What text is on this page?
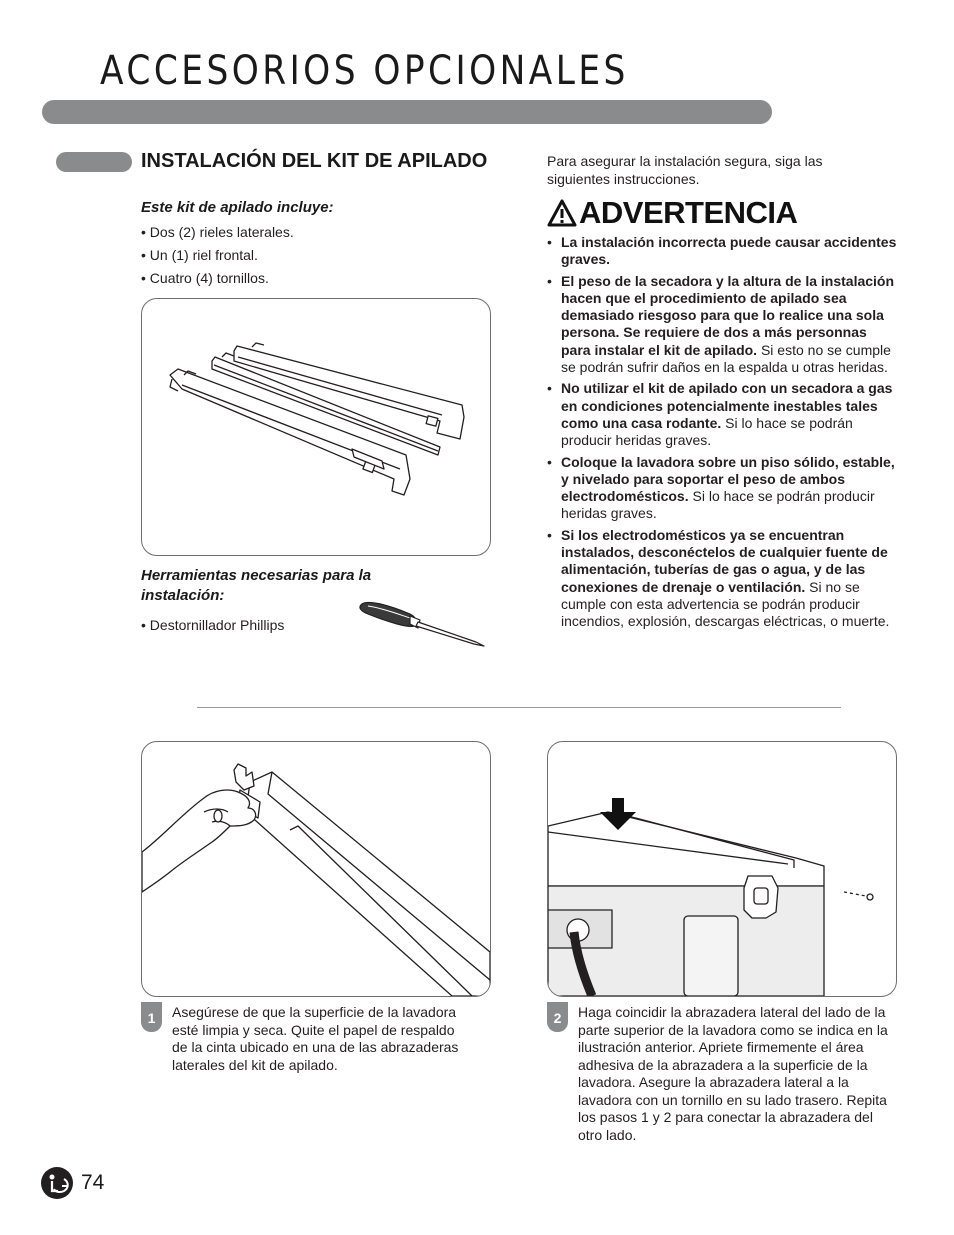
ACCESORIOS OPCIONALES
INSTALACIÓN DEL KIT DE APILADO
Este kit de apilado incluye:
• Dos (2) rieles laterales.
• Un (1) riel frontal.
• Cuatro (4) tornillos.
Herramientas necesarias para la instalación:
• Destornillador Phillips
Para asegurar la instalación segura, siga las siguientes instrucciones.
ADVERTENCIA
• La instalación incorrecta puede causar accidentes graves.
• El peso de la secadora y la altura de la instalación hacen que el procedimiento de apilado sea demasiado riesgoso para que lo realice una sola persona. Se requiere de dos a más personnas para instalar el kit de apilado. Si esto no se cumple se podrán sufrir daños en la espalda u otras heridas.
• No utilizar el kit de apilado con un secadora a gas en condiciones potencialmente inestables tales como una casa rodante. Si lo hace se podrán producir heridas graves.
• Coloque la lavadora sobre un piso sólido, estable, y nivelado para soportar el peso de ambos electrodomésticos. Si lo hace se podrán producir heridas graves.
• Si los electrodomésticos ya se encuentran instalados, desconéctelos de cualquier fuente de alimentación, tuberías de gas o agua, y de las conexiones de drenaje o ventilación. Si no se cumple con esta advertencia se podrán producir incendios, explosión, descargas eléctricas, o muerte.
1	Asegúrese de que la superficie de la lavadora esté limpia y seca. Quite el papel de respaldo de la cinta ubicado en una de las abrazaderas laterales del kit de apilado.
2	Haga coincidir la abrazadera lateral del lado de la parte superior de la lavadora como se indica en la ilustración anterior. Apriete firmemente el área adhesiva de la abrazadera a la superficie de la lavadora. Asegure la abrazadera lateral a la lavadora con un tornillo en su lado trasero. Repita los pasos 1 y 2 para conectar la abrazadera del otro lado.
74
